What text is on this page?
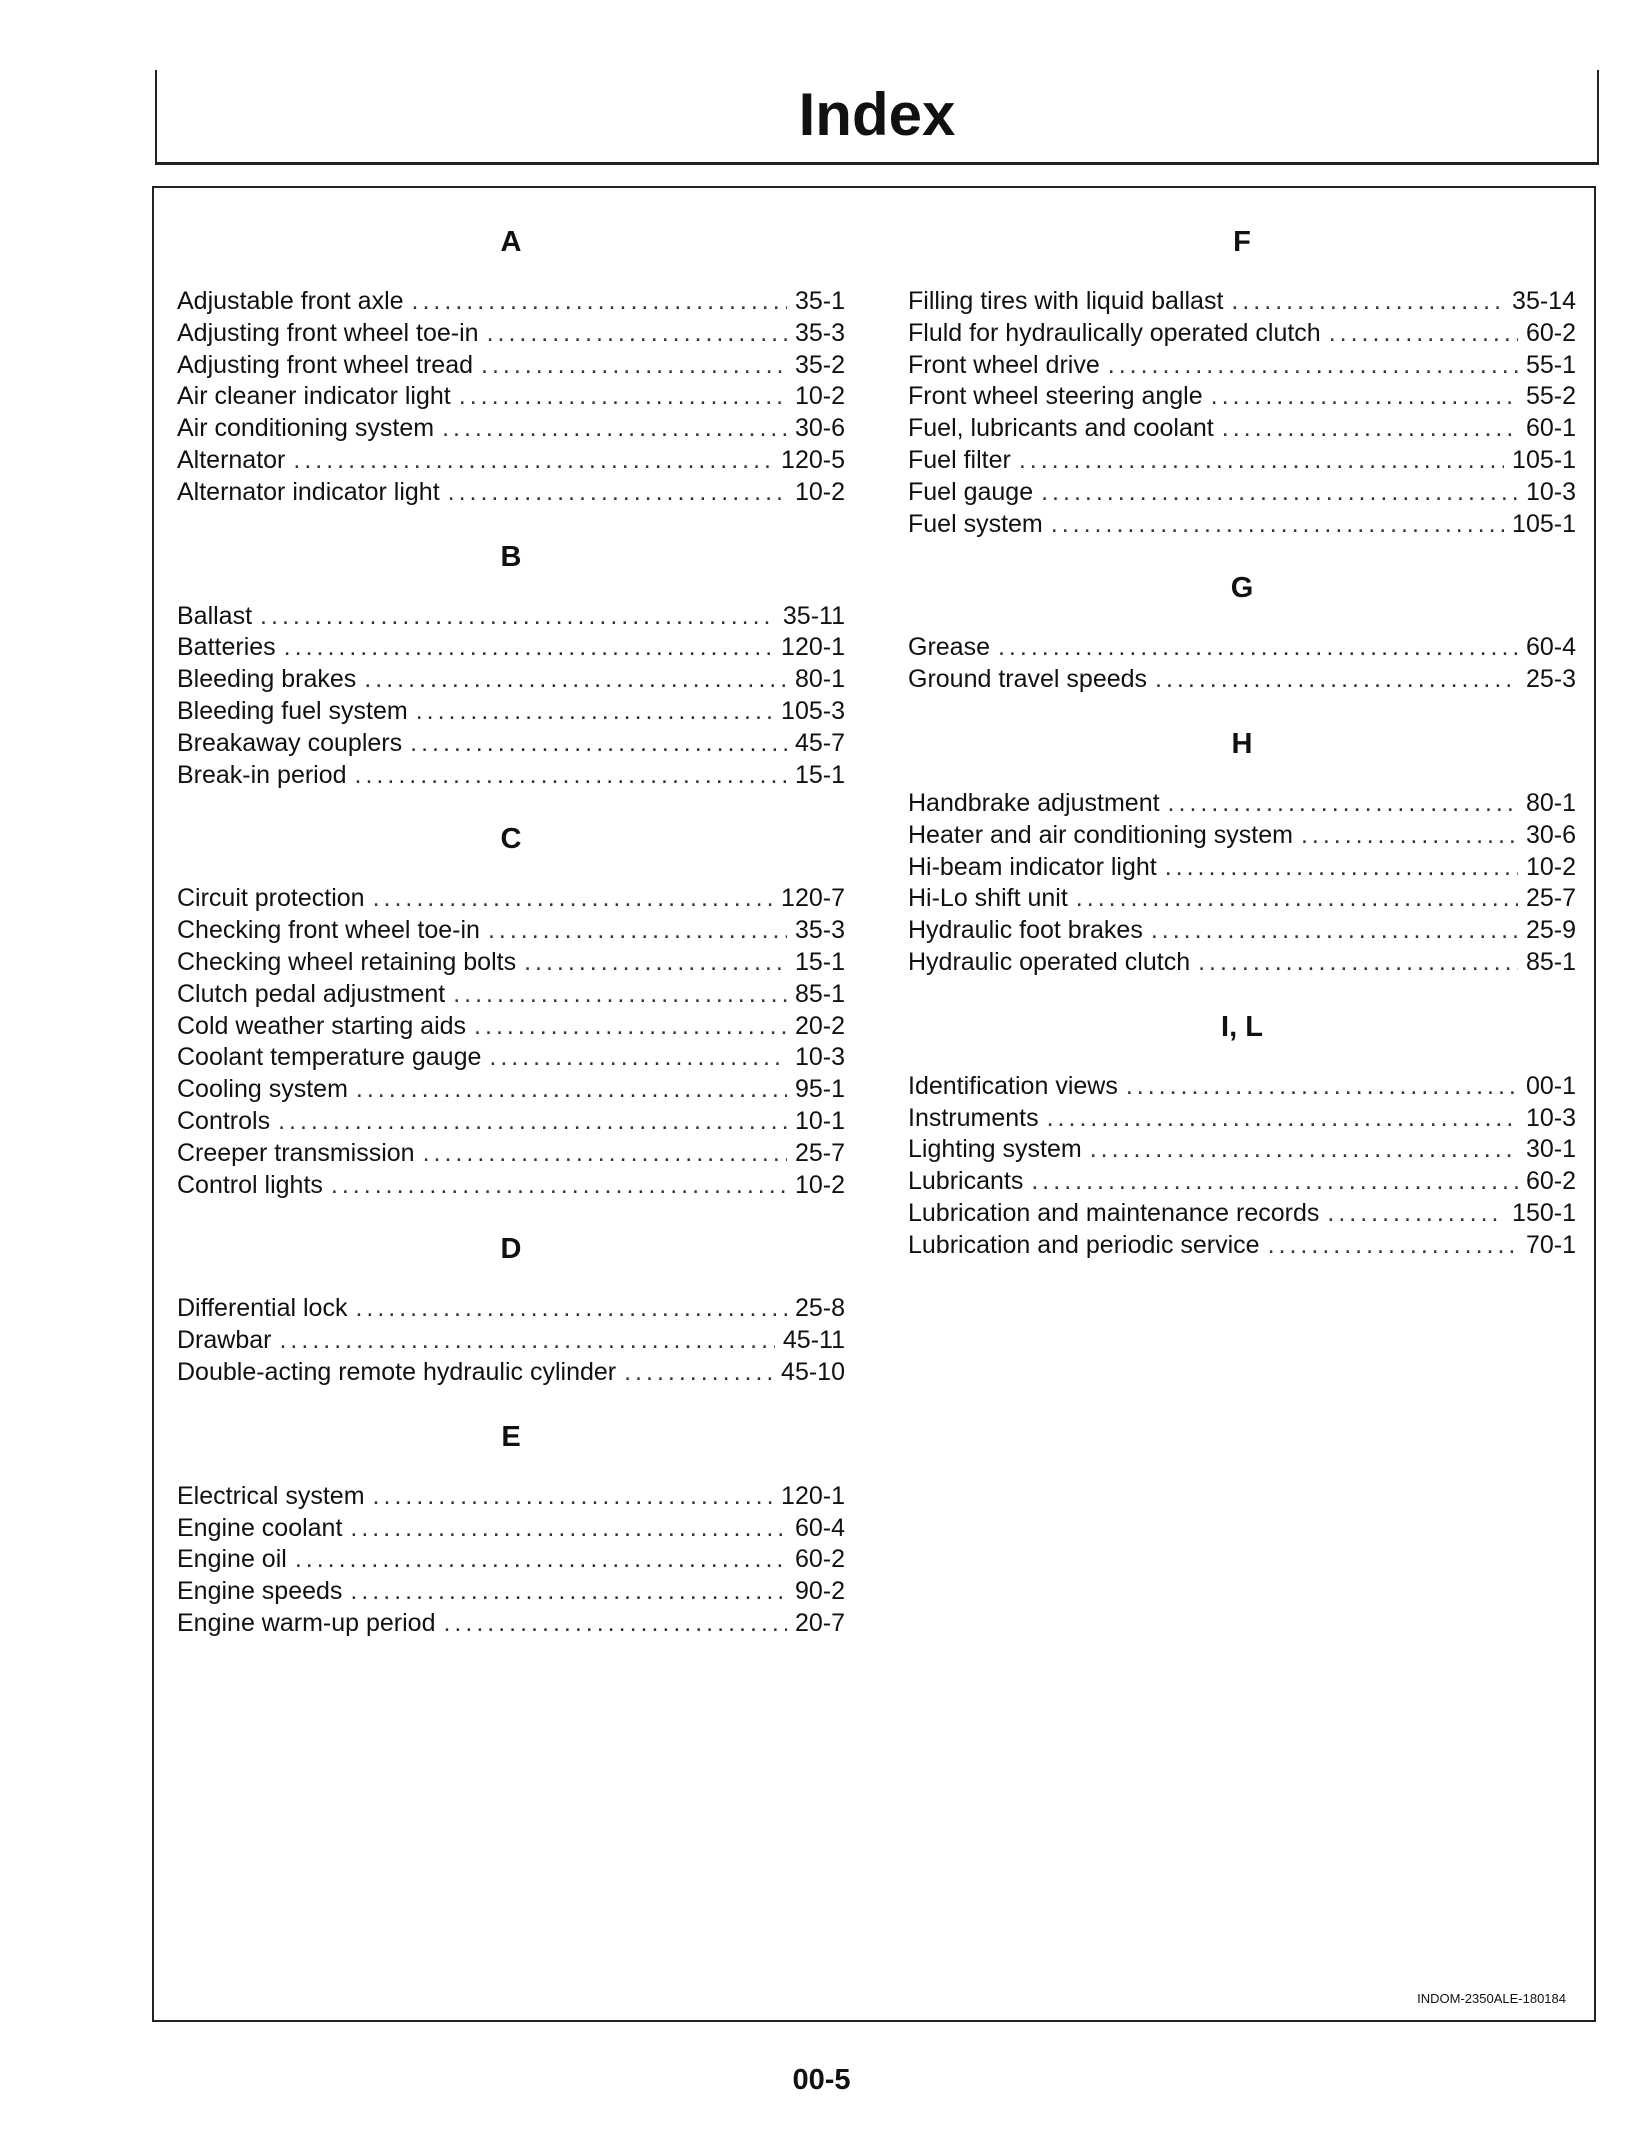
Index
A
Adjustable front axle .....	35-1
Adjusting front wheel toe-in .....	35-3
Adjusting front wheel tread .....	35-2
Air cleaner indicator light .....	10-2
Air conditioning system .....	30-6
Alternator .....	120-5
Alternator indicator light .....	10-2
B
Ballast .....	35-11
Batteries .....	120-1
Bleeding brakes .....	80-1
Bleeding fuel system .....	105-3
Breakaway couplers .....	45-7
Break-in period .....	15-1
C
Circuit protection .....	120-7
Checking front wheel toe-in .....	35-3
Checking wheel retaining bolts .....	15-1
Clutch pedal adjustment .....	85-1
Cold weather starting aids .....	20-2
Coolant temperature gauge .....	10-3
Cooling system .....	95-1
Controls .....	10-1
Creeper transmission .....	25-7
Control lights .....	10-2
D
Differential lock .....	25-8
Drawbar .....	45-11
Double-acting remote hydraulic cylinder .....	45-10
E
Electrical system .....	120-1
Engine coolant .....	60-4
Engine oil .....	60-2
Engine speeds .....	90-2
Engine warm-up period .....	20-7
F
Filling tires with liquid ballast .....	35-14
Fluld for hydraulically operated clutch .....	60-2
Front wheel drive .....	55-1
Front wheel steering angle .....	55-2
Fuel, lubricants and coolant .....	60-1
Fuel filter .....	105-1
Fuel gauge .....	10-3
Fuel system .....	105-1
G
Grease .....	60-4
Ground travel speeds .....	25-3
H
Handbrake adjustment .....	80-1
Heater and air conditioning system .....	30-6
Hi-beam indicator light .....	10-2
Hi-Lo shift unit .....	25-7
Hydraulic foot brakes .....	25-9
Hydraulic operated clutch .....	85-1
I, L
Identification views .....	00-1
Instruments .....	10-3
Lighting system .....	30-1
Lubricants .....	60-2
Lubrication and maintenance records .....	150-1
Lubrication and periodic service .....	70-1
INDOM-2350ALE-180184
00-5
